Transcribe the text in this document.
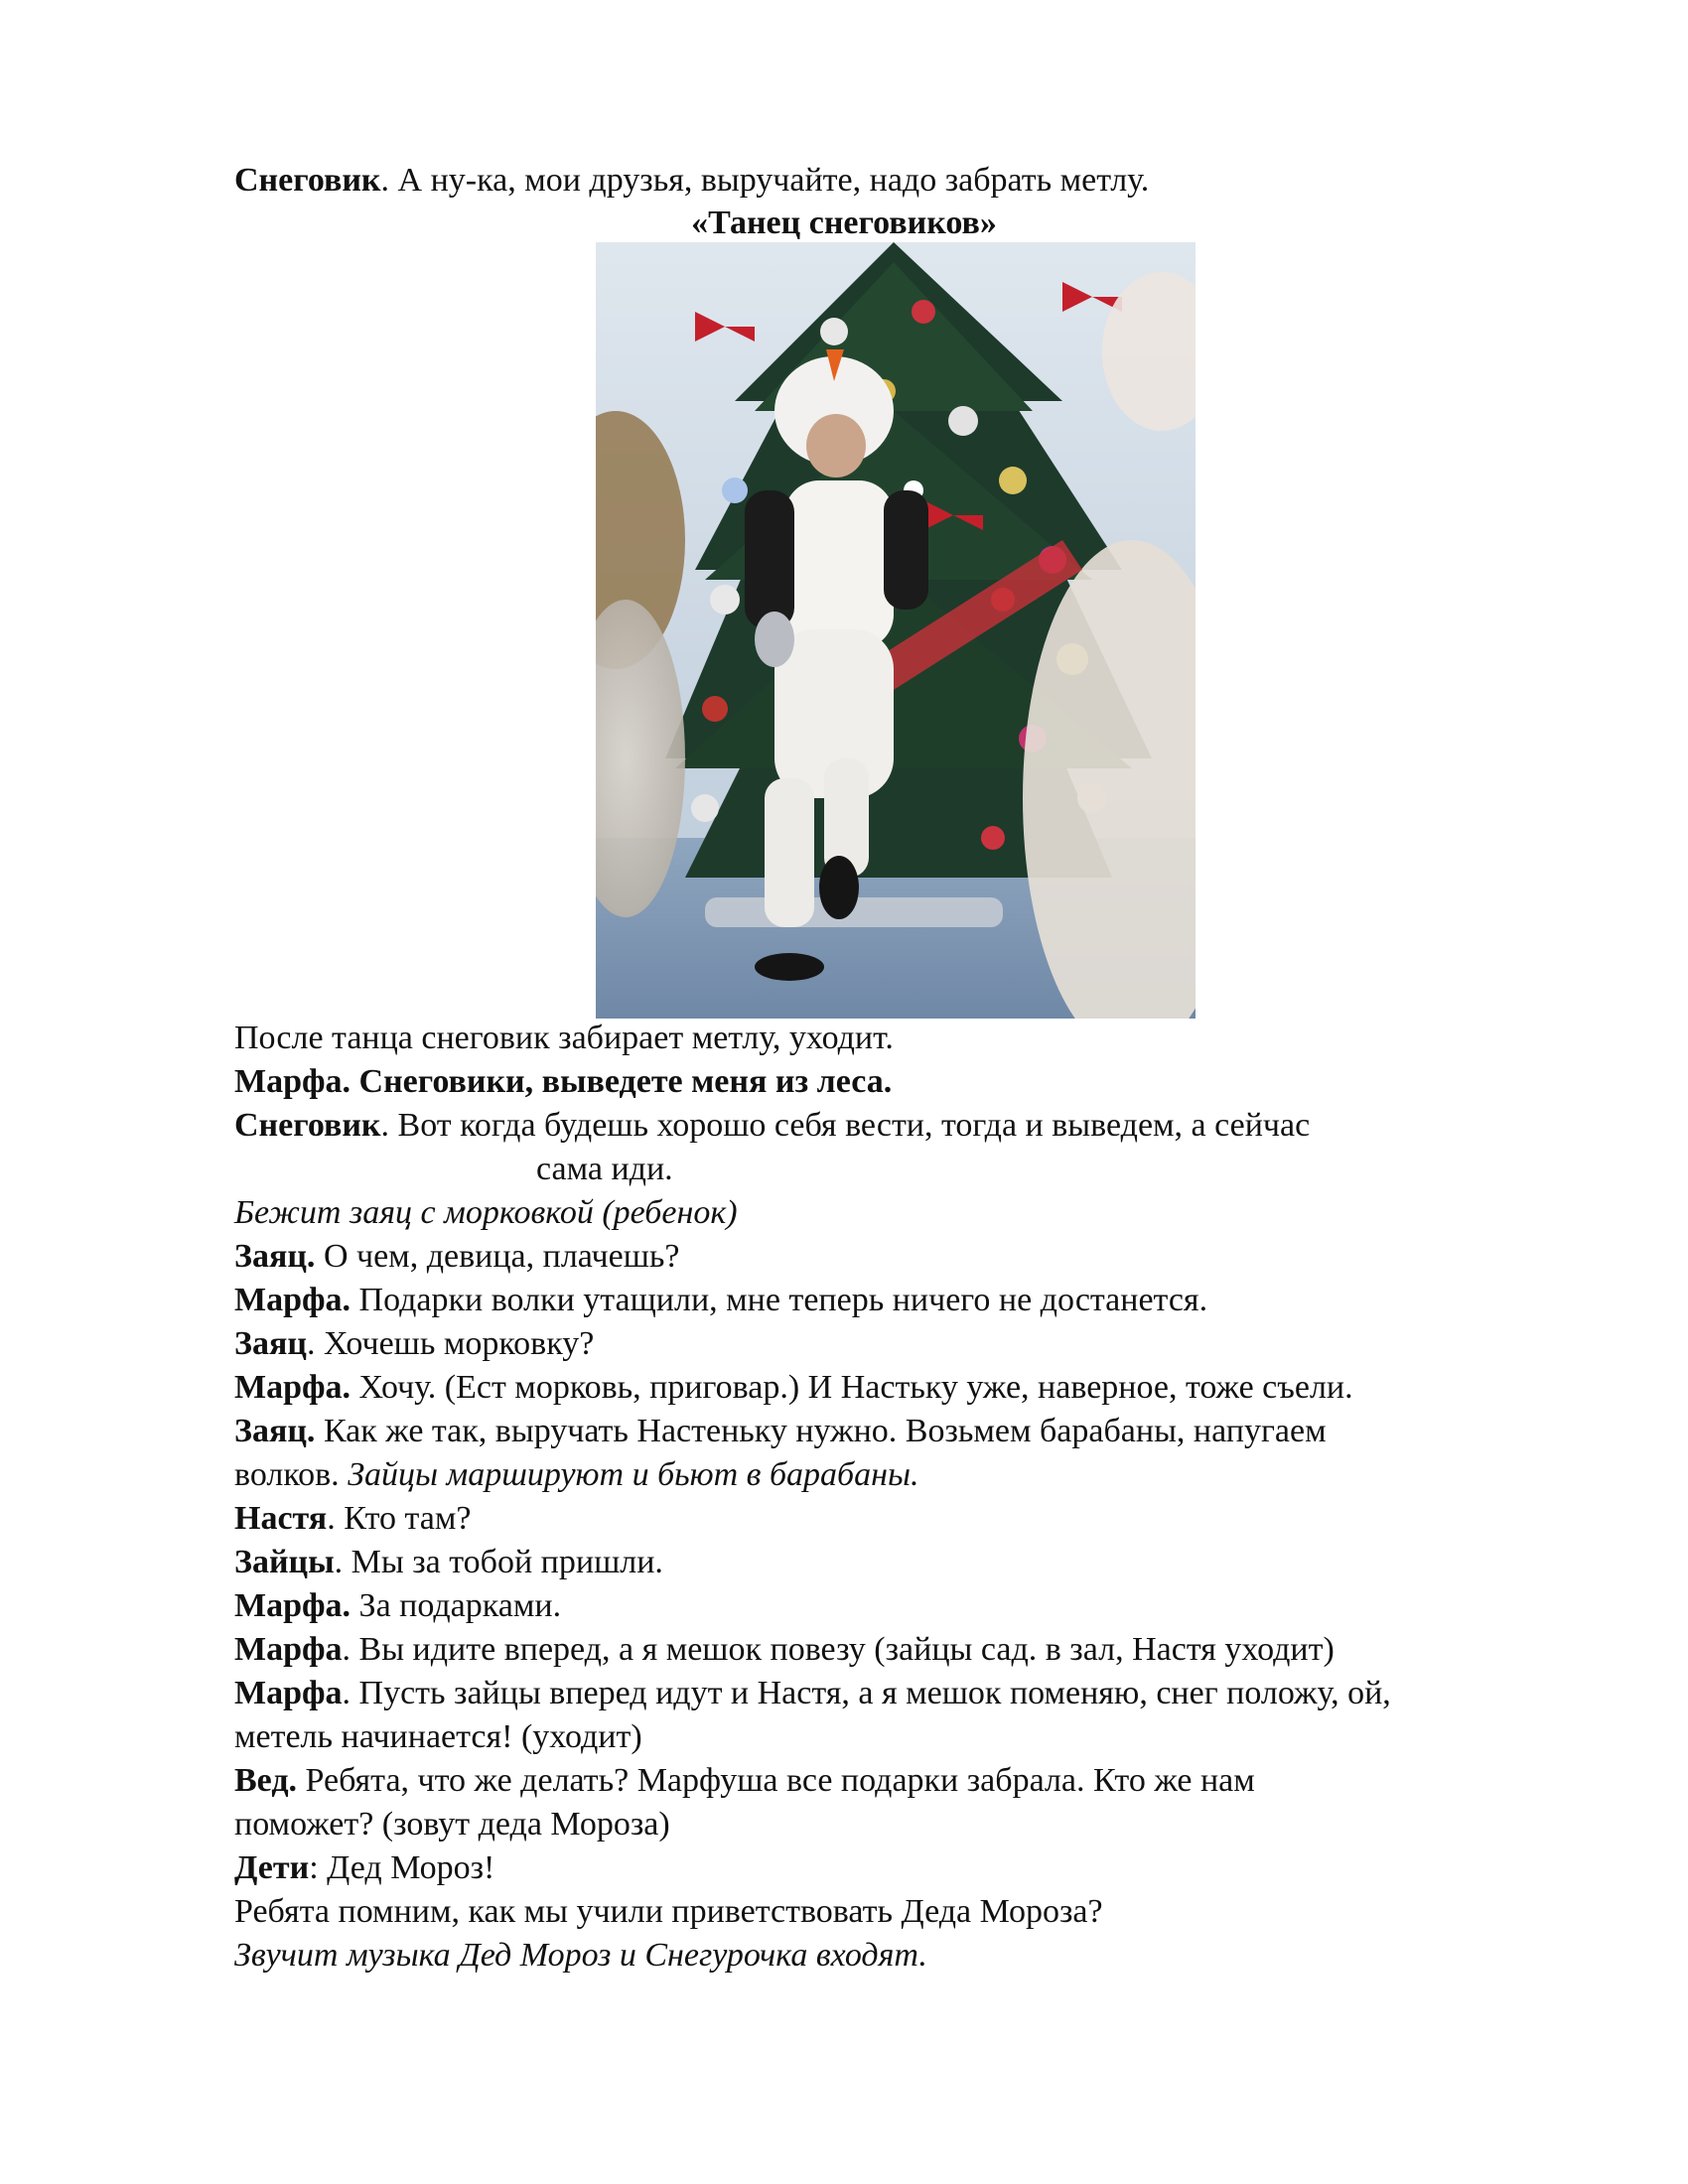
Снеговик. А ну-ка, мои друзья, выручайте, надо забрать метлу.
«Танец снеговиков»
После танца снеговик забирает метлу, уходит.
Марфа. Снеговики, выведете меня из леса.
Снеговик. Вот когда будешь хорошо себя вести, тогда и выведем, а сейчас
сама иди.
Бежит заяц с морковкой (ребенок)
Заяц. О чем, девица, плачешь?
Марфа. Подарки волки утащили, мне теперь ничего не достанется.
Заяц. Хочешь морковку?
Марфа. Хочу. (Ест морковь, приговар.) И Настьку уже, наверное, тоже съели.
Заяц. Как же так, выручать Настеньку нужно. Возьмем барабаны, напугаем
волков. Зайцы маршируют и бьют в барабаны.
Настя. Кто там?
Зайцы. Мы за тобой пришли.
Марфа. За подарками.
Марфа. Вы идите вперед, а я мешок повезу (зайцы сад. в зал, Настя уходит)
Марфа. Пусть зайцы вперед идут и Настя, а я мешок поменяю, снег положу, ой,
метель начинается! (уходит)
Вед. Ребята, что же делать? Марфуша все подарки забрала. Кто же нам
поможет? (зовут деда Мороза)
Дети: Дед Мороз!
Ребята помним, как мы учили приветствовать Деда Мороза?
Звучит музыка Дед Мороз и Снегурочка входят.
